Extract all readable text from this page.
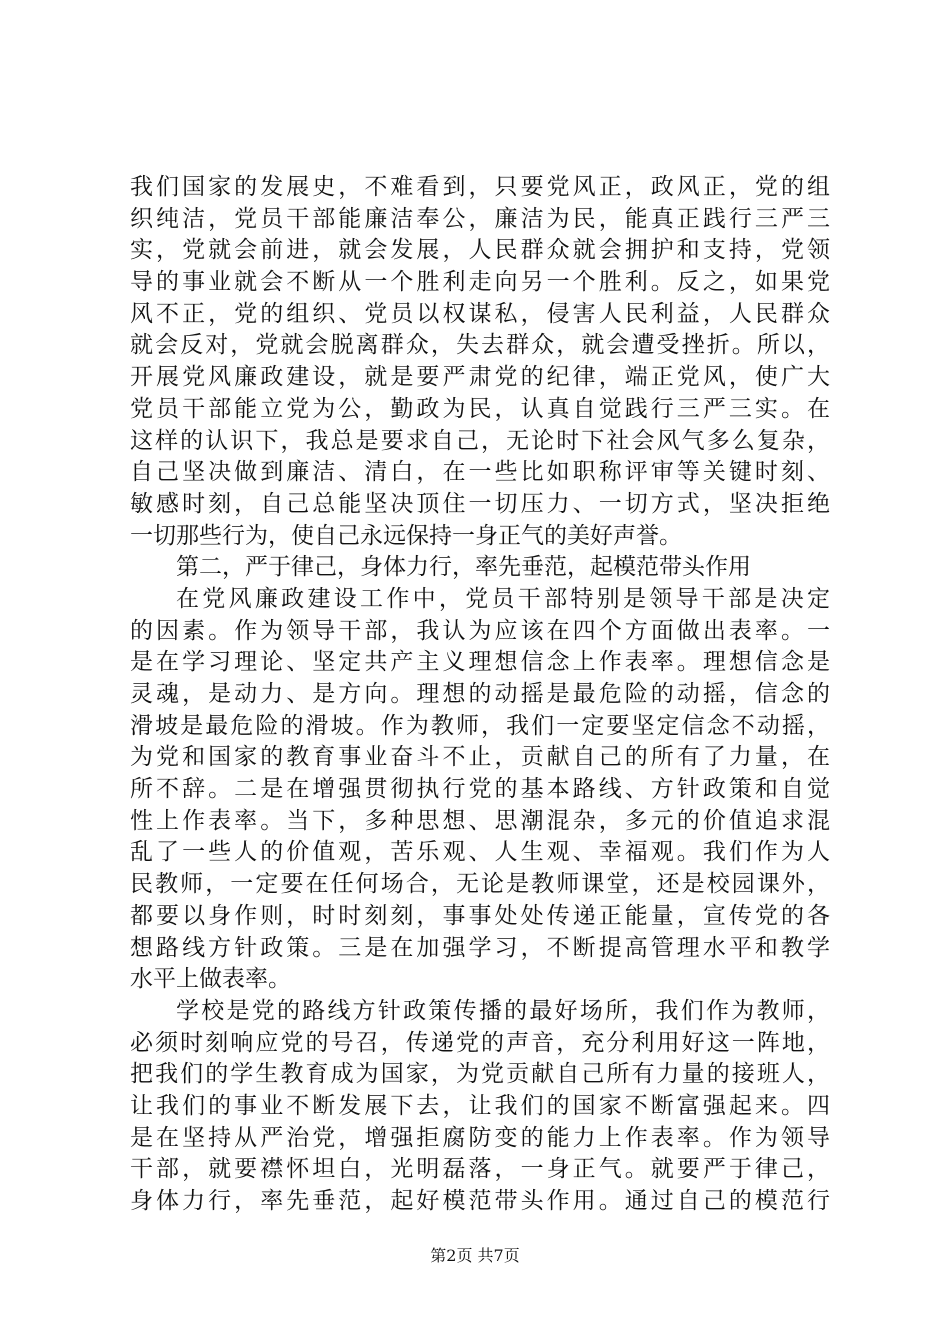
我们国家的发展史，不难看到，只要党风正，政风正，党的组
织纯洁，党员干部能廉洁奉公，廉洁为民，能真正践行三严三
实，党就会前进，就会发展，人民群众就会拥护和支持，党领
导的事业就会不断从一个胜利走向另一个胜利。反之，如果党
风不正，党的组织、党员以权谋私，侵害人民利益，人民群众
就会反对，党就会脱离群众，失去群众，就会遭受挫折。所以，
开展党风廉政建设，就是要严肃党的纪律，端正党风，使广大
党员干部能立党为公，勤政为民，认真自觉践行三严三实。在
这样的认识下，我总是要求自己，无论时下社会风气多么复杂，
自己坚决做到廉洁、清白，在一些比如职称评审等关键时刻、
敏感时刻，自己总能坚决顶住一切压力、一切方式，坚决拒绝
一切那些行为，使自己永远保持一身正气的美好声誉。
第二，严于律己，身体力行，率先垂范，起模范带头作用
在党风廉政建设工作中，党员干部特别是领导干部是决定
的因素。作为领导干部，我认为应该在四个方面做出表率。一
是在学习理论、坚定共产主义理想信念上作表率。理想信念是
灵魂，是动力、是方向。理想的动摇是最危险的动摇，信念的
滑坡是最危险的滑坡。作为教师，我们一定要坚定信念不动摇，
为党和国家的教育事业奋斗不止，贡献自己的所有了力量，在
所不辞。二是在增强贯彻执行党的基本路线、方针政策和自觉
性上作表率。当下，多种思想、思潮混杂，多元的价值追求混
乱了一些人的价值观，苦乐观、人生观、幸福观。我们作为人
民教师，一定要在任何场合，无论是教师课堂，还是校园课外，
都要以身作则，时时刻刻，事事处处传递正能量，宣传党的各
想路线方针政策。三是在加强学习，不断提高管理水平和教学
水平上做表率。
学校是党的路线方针政策传播的最好场所，我们作为教师，
必须时刻响应党的号召，传递党的声音，充分利用好这一阵地，
把我们的学生教育成为国家，为党贡献自己所有力量的接班人，
让我们的事业不断发展下去，让我们的国家不断富强起来。四
是在坚持从严治党，增强拒腐防变的能力上作表率。作为领导
干部，就要襟怀坦白，光明磊落，一身正气。就要严于律己，
身体力行，率先垂范，起好模范带头作用。通过自己的模范行
第2页 共7页
